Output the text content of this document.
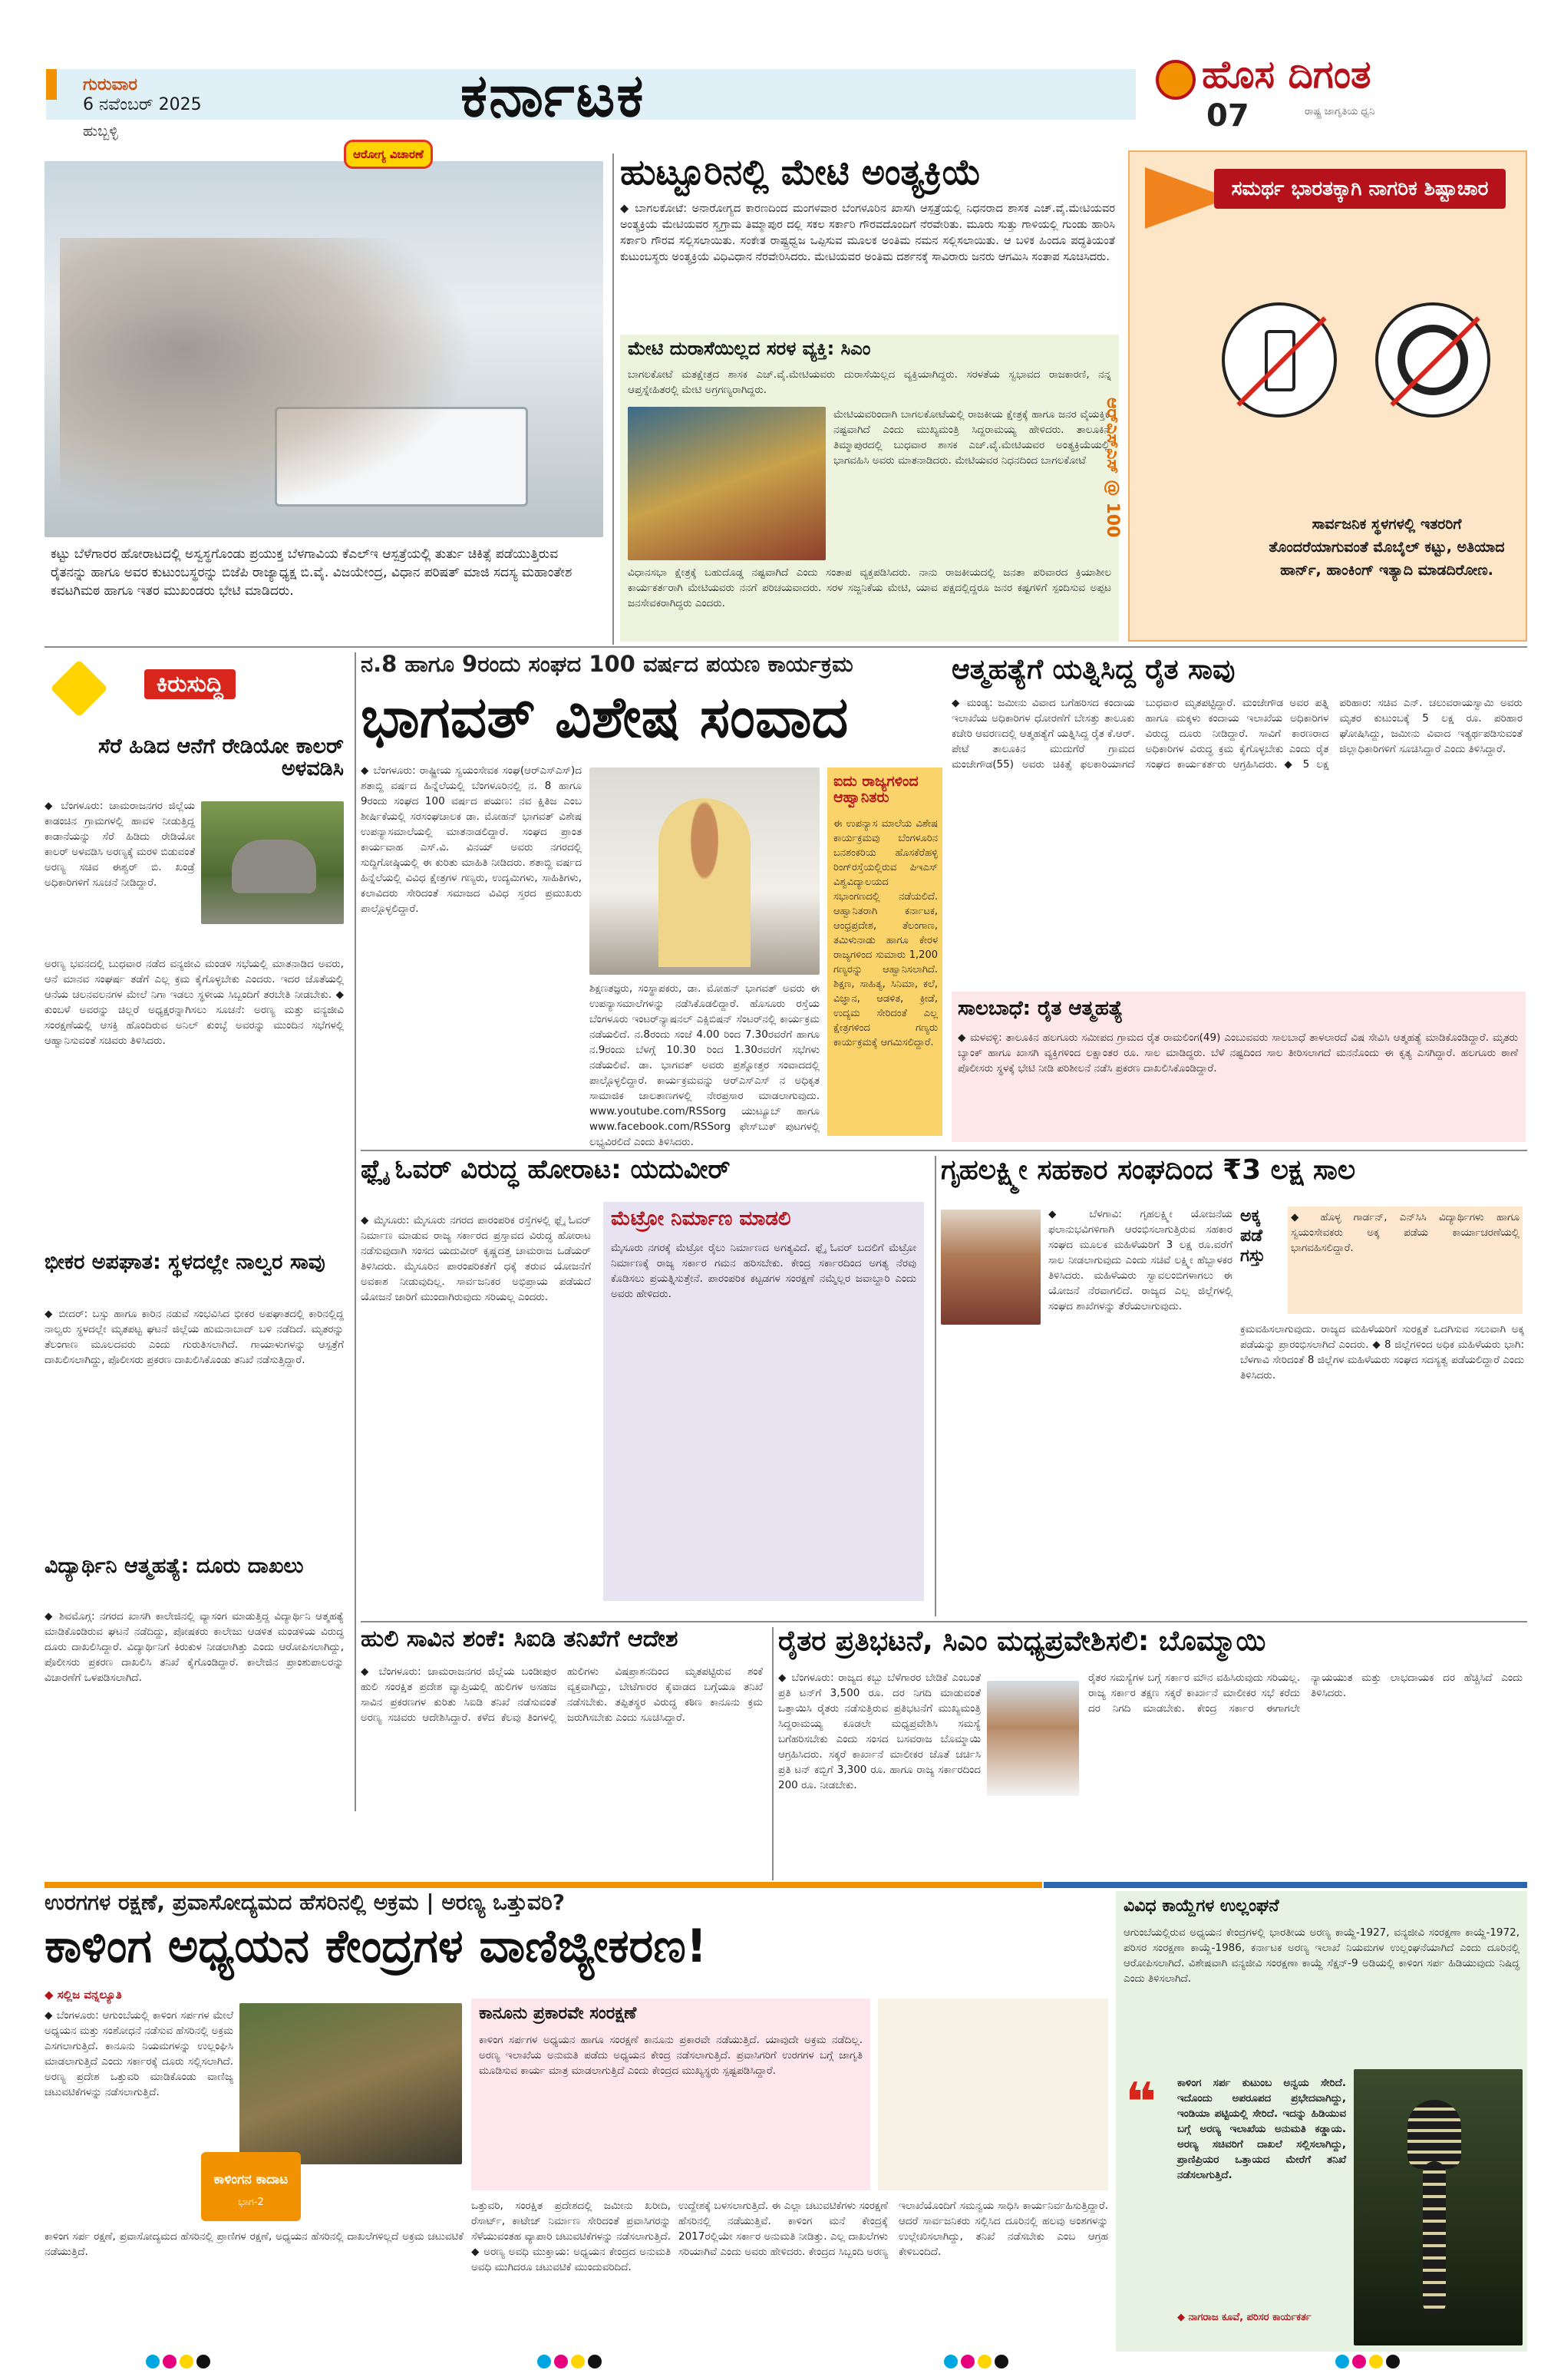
ಗುರುವಾರ
6 ನವೆಂಬರ್ 2025
ಹುಬ್ಬಳ್ಳಿ
ಕರ್ನಾಟಕ	ಹೊಸ ದಿಗಂತ
07	ರಾಷ್ಟ್ರ ಜಾಗೃತಿಯ ಧ್ವನಿ
ಆರೋಗ್ಯ ವಿಚಾರಣೆ
ಕಟ್ಟು ಬೆಳೆಗಾರರ ಹೋರಾಟದಲ್ಲಿ ಅಸ್ವಸ್ಥಗೊಂಡು ಪ್ರಯುಕ್ತ ಬೆಳಗಾವಿಯ ಕೆಎಲ್‌ಇ ಆಸ್ಪತ್ರೆಯಲ್ಲಿ ತುರ್ತು ಚಿಕಿತ್ಸೆ ಪಡೆಯುತ್ತಿರುವ ರೈತನನ್ನು ಹಾಗೂ ಅವರ ಕುಟುಂಬಸ್ಥರನ್ನು ಬಿಜೆಪಿ ರಾಜ್ಯಾಧ್ಯಕ್ಷ ಬಿ.ವೈ. ವಿಜಯೇಂದ್ರ, ವಿಧಾನ ಪರಿಷತ್ ಮಾಜಿ ಸದಸ್ಯ ಮಹಾಂತೇಶ ಕವಟಗಿಮಠ ಹಾಗೂ ಇತರ ಮುಖಂಡರು ಭೇಟಿ ಮಾಡಿದರು.
ಹುಟ್ಟೂರಿನಲ್ಲಿ ಮೇಟಿ ಅಂತ್ಯಕ್ರಿಯೆ
◆ ಬಾಗಲಕೋಟೆ: ಅನಾರೋಗ್ಯದ ಕಾರಣದಿಂದ ಮಂಗಳವಾರ ಬೆಂಗಳೂರಿನ ಖಾಸಗಿ ಆಸ್ಪತ್ರೆಯಲ್ಲಿ ನಿಧನರಾದ ಶಾಸಕ ಎಚ್.ವೈ.ಮೇಟಿಯವರ ಅಂತ್ಯಕ್ರಿಯೆ ಮೇಟಿಯವರ ಸ್ವಗ್ರಾಮ ತಿಮ್ಮಾಪುರ ದಲ್ಲಿ ಸಕಲ ಸರ್ಕಾರಿ ಗೌರವದೊಂದಿಗೆ ನೆರವೇರಿತು. ಮೂರು ಸುತ್ತು ಗಾಳಿಯಲ್ಲಿ ಗುಂಡು ಹಾರಿಸಿ ಸರ್ಕಾರಿ ಗೌರವ ಸಲ್ಲಿಸಲಾಯಿತು. ಸಂಕೇತ ರಾಷ್ಟ್ರಧ್ವಜ ಒಪ್ಪಿಸುವ ಮೂಲಕ ಅಂತಿಮ ನಮನ ಸಲ್ಲಿಸಲಾಯಿತು. ಆ ಬಳಿಕ ಹಿಂದೂ ಪದ್ಧತಿಯಂತೆ ಕುಟುಂಬಸ್ಥರು ಅಂತ್ಯಕ್ರಿಯೆ ವಿಧಿವಿಧಾನ ನೆರವೇರಿಸಿದರು. ಮೇಟಿಯವರ ಅಂತಿಮ ದರ್ಶನಕ್ಕೆ ಸಾವಿರಾರು ಜನರು ಆಗಮಿಸಿ ಸಂತಾಪ ಸೂಚಿಸಿದರು.
ಮೇಟಿ ದುರಾಸೆಯಿಲ್ಲದ ಸರಳ ವ್ಯಕ್ತಿ: ಸಿಎಂ
ಬಾಗಲಕೋಟೆ ಮತಕ್ಷೇತ್ರದ ಶಾಸಕ ಎಚ್.ವೈ.ಮೇಟಿಯವರು ದುರಾಸೆಯಿಲ್ಲದ ವ್ಯಕ್ತಿಯಾಗಿದ್ದರು. ಸರಳತೆಯ ಸ್ವಭಾವದ ರಾಜಕಾರಣಿ, ನನ್ನ ಆಪ್ತಸ್ನೇಹಿತರಲ್ಲಿ ಮೇಟಿ ಅಗ್ರಗಣ್ಯರಾಗಿದ್ದರು.
ಮೇಟಿಯವರಿಂದಾಗಿ ಬಾಗಲಕೋಟೆಯಲ್ಲಿ ರಾಜಕೀಯ ಕ್ಷೇತ್ರಕ್ಕೆ ಹಾಗೂ ಜನರ ವೈಯಕ್ತಿಕ ನಷ್ಟವಾಗಿದೆ ಎಂದು ಮುಖ್ಯಮಂತ್ರಿ ಸಿದ್ದರಾಮಯ್ಯ ಹೇಳಿದರು. ತಾಲೂಕಿನ ತಿಮ್ಮಾಪುರದಲ್ಲಿ ಬುಧವಾರ ಶಾಸಕ ಎಚ್.ವೈ.ಮೇಟಿಯವರ ಅಂತ್ಯಕ್ರಿಯೆಯಲ್ಲಿ ಭಾಗವಹಿಸಿ ಅವರು ಮಾತನಾಡಿದರು. ಮೇಟಿಯವರ ನಿಧನದಿಂದ ಬಾಗಲಕೋಟೆ
ವಿಧಾನಸಭಾ ಕ್ಷೇತ್ರಕ್ಕೆ ಬಹುದೊಡ್ಡ ನಷ್ಟವಾಗಿದೆ ಎಂದು ಸಂತಾಪ ವ್ಯಕ್ತಪಡಿಸಿದರು. ನಾನು ರಾಜಕೀಯದಲ್ಲಿ ಜನತಾ ಪರಿವಾರದ ಕ್ರಿಯಾಶೀಲ ಕಾರ್ಯಕರ್ತರಾಗಿ ಮೇಟಿಯವರು ನನಗೆ ಪರಿಚಯವಾದರು. ಸರಳ ಸಜ್ಜನಿಕೆಯ ಮೇಟಿ, ಯಾವ ಪಕ್ಷದಲ್ಲಿದ್ದರೂ ಜನರ ಕಷ್ಟಗಳಿಗೆ ಸ್ಪಂದಿಸುವ ಅಪ್ಪಟ ಜನಸೇವಕರಾಗಿದ್ದರು ಎಂದರು.
ಆರ್‌ಎಸ್‌ಎಸ್ @ 100
ಸಮರ್ಥ ಭಾರತಕ್ಕಾಗಿ ನಾಗರಿಕ ಶಿಷ್ಟಾಚಾರ
ಸಾರ್ವಜನಿಕ ಸ್ಥಳಗಳಲ್ಲಿ ಇತರರಿಗೆ ತೊಂದರೆಯಾಗುವಂತೆ ಮೊಬೈಲ್ ಕಟ್ಟು, ಅತಿಯಾದ ಹಾರ್ನ್, ಹಾಂಕಿಂಗ್ ಇತ್ಯಾದಿ ಮಾಡದಿರೋಣ.
ಕಿರುಸುದ್ದಿ
ಸೆರೆ ಹಿಡಿದ ಆನೆಗೆ ರೇಡಿಯೋ ಕಾಲರ್ ಅಳವಡಿಸಿ
◆ ಬೆಂಗಳೂರು: ಚಾಮರಾಜನಗರ ಜಿಲ್ಲೆಯ ಕಾಡಂಚಿನ ಗ್ರಾಮಗಳಲ್ಲಿ ಹಾವಳಿ ನೀಡುತ್ತಿದ್ದ ಕಾಡಾನೆಯನ್ನು ಸೆರೆ ಹಿಡಿದು ರೇಡಿಯೋ ಕಾಲರ್ ಅಳವಡಿಸಿ ಅರಣ್ಯಕ್ಕೆ ಮರಳಿ ಬಿಡುವಂತೆ ಅರಣ್ಯ ಸಚಿವ ಈಶ್ವರ್ ಬಿ. ಖಂಡ್ರೆ ಅಧಿಕಾರಿಗಳಿಗೆ ಸೂಚನೆ ನೀಡಿದ್ದಾರೆ.
ಅರಣ್ಯ ಭವನದಲ್ಲಿ ಬುಧವಾರ ನಡೆದ ವನ್ಯಜೀವಿ ಮಂಡಳಿ ಸಭೆಯಲ್ಲಿ ಮಾತನಾಡಿದ ಅವರು, ಆನೆ ಮಾನವ ಸಂಘರ್ಷ ತಡೆಗೆ ಎಲ್ಲ ಕ್ರಮ ಕೈಗೊಳ್ಳಬೇಕು ಎಂದರು. ಇದರ ಜೊತೆಯಲ್ಲಿ ಆನೆಯ ಚಲನವಲನಗಳ ಮೇಲೆ ನಿಗಾ ಇಡಲು ಸ್ಥಳೀಯ ಸಿಬ್ಬಂದಿಗೆ ತರಬೇತಿ ನೀಡಬೇಕು. ◆ ಕುಂಬಳೆ ಅವರನ್ನು ಚಿಲ್ಲರೆ ಅಧ್ಯಕ್ಷರನ್ನಾಗಿಸಲು ಸೂಚನೆ: ಅರಣ್ಯ ಮತ್ತು ವನ್ಯಜೀವಿ ಸಂರಕ್ಷಣೆಯಲ್ಲಿ ಆಸಕ್ತಿ ಹೊಂದಿರುವ ಅನಿಲ್ ಕುಂಬ್ಳೆ ಅವರನ್ನು ಮುಂದಿನ ಸಭೆಗಳಲ್ಲಿ ಆಹ್ವಾನಿಸುವಂತೆ ಸಚಿವರು ತಿಳಿಸಿದರು.
ಭೀಕರ ಅಪಘಾತ: ಸ್ಥಳದಲ್ಲೇ ನಾಲ್ವರ ಸಾವು
◆ ಬೀದರ್: ಬಸ್ಸು ಹಾಗೂ ಕಾರಿನ ನಡುವೆ ಸಂಭವಿಸಿದ ಭೀಕರ ಅಪಘಾತದಲ್ಲಿ ಕಾರಿನಲ್ಲಿದ್ದ ನಾಲ್ವರು ಸ್ಥಳದಲ್ಲೇ ಮೃತಪಟ್ಟ ಘಟನೆ ಜಿಲ್ಲೆಯ ಹುಮನಾಬಾದ್ ಬಳಿ ನಡೆದಿದೆ. ಮೃತರನ್ನು ತೆಲಂಗಾಣ ಮೂಲದವರು ಎಂದು ಗುರುತಿಸಲಾಗಿದೆ. ಗಾಯಾಳುಗಳನ್ನು ಆಸ್ಪತ್ರೆಗೆ ದಾಖಲಿಸಲಾಗಿದ್ದು, ಪೊಲೀಸರು ಪ್ರಕರಣ ದಾಖಲಿಸಿಕೊಂಡು ತನಿಖೆ ನಡೆಸುತ್ತಿದ್ದಾರೆ.
ವಿದ್ಯಾರ್ಥಿನಿ ಆತ್ಮಹತ್ಯೆ: ದೂರು ದಾಖಲು
◆ ಶಿವಮೊಗ್ಗ: ನಗರದ ಖಾಸಗಿ ಕಾಲೇಜಿನಲ್ಲಿ ವ್ಯಾಸಂಗ ಮಾಡುತ್ತಿದ್ದ ವಿದ್ಯಾರ್ಥಿನಿ ಆತ್ಮಹತ್ಯೆ ಮಾಡಿಕೊಂಡಿರುವ ಘಟನೆ ನಡೆದಿದ್ದು, ಪೋಷಕರು ಕಾಲೇಜು ಆಡಳಿತ ಮಂಡಳಿಯ ವಿರುದ್ಧ ದೂರು ದಾಖಲಿಸಿದ್ದಾರೆ. ವಿದ್ಯಾರ್ಥಿನಿಗೆ ಕಿರುಕುಳ ನೀಡಲಾಗಿತ್ತು ಎಂದು ಆರೋಪಿಸಲಾಗಿದ್ದು, ಪೊಲೀಸರು ಪ್ರಕರಣ ದಾಖಲಿಸಿ ತನಿಖೆ ಕೈಗೊಂಡಿದ್ದಾರೆ. ಕಾಲೇಜಿನ ಪ್ರಾಂಶುಪಾಲರನ್ನು ವಿಚಾರಣೆಗೆ ಒಳಪಡಿಸಲಾಗಿದೆ.
ನ.8 ಹಾಗೂ 9ರಂದು ಸಂಘದ 100 ವರ್ಷದ ಪಯಣ ಕಾರ್ಯಕ್ರಮ
ಭಾಗವತ್ ವಿಶೇಷ ಸಂವಾದ
◆ ಬೆಂಗಳೂರು: ರಾಷ್ಟ್ರೀಯ ಸ್ವಯಂಸೇವಕ ಸಂಘ(ಆರ್‌ಎಸ್‌ಎಸ್)ದ ಶತಾಬ್ದಿ ವರ್ಷದ ಹಿನ್ನೆಲೆಯಲ್ಲಿ ಬೆಂಗಳೂರಿನಲ್ಲಿ ನ. 8 ಹಾಗೂ 9ರಂದು ಸಂಘದ 100 ವರ್ಷದ ಪಯಣ: ನವ ಕ್ಷಿತಿಜ ಎಂಬ ಶೀರ್ಷಿಕೆಯಲ್ಲಿ ಸರಸಂಘಚಾಲಕ ಡಾ. ಮೋಹನ್ ಭಾಗವತ್ ವಿಶೇಷ ಉಪನ್ಯಾಸಮಾಲೆಯಲ್ಲಿ ಮಾತನಾಡಲಿದ್ದಾರೆ. ಸಂಘದ ಪ್ರಾಂತ ಕಾರ್ಯವಾಹ ಎಸ್.ವಿ. ವಿನಯ್ ಅವರು ನಗರದಲ್ಲಿ ಸುದ್ದಿಗೋಷ್ಠಿಯಲ್ಲಿ ಈ ಕುರಿತು ಮಾಹಿತಿ ನೀಡಿದರು. ಶತಾಬ್ದಿ ವರ್ಷದ ಹಿನ್ನೆಲೆಯಲ್ಲಿ ವಿವಿಧ ಕ್ಷೇತ್ರಗಳ ಗಣ್ಯರು, ಉದ್ಯಮಿಗಳು, ಸಾಹಿತಿಗಳು, ಕಲಾವಿದರು ಸೇರಿದಂತೆ ಸಮಾಜದ ವಿವಿಧ ಸ್ತರದ ಪ್ರಮುಖರು ಪಾಲ್ಗೊಳ್ಳಲಿದ್ದಾರೆ.
ಶಿಕ್ಷಣತಜ್ಞರು, ಸಂಸ್ಥಾಪಕರು, ಡಾ. ಮೋಹನ್ ಭಾಗವತ್ ಅವರು ಈ ಉಪನ್ಯಾಸಮಾಲೆಗಳನ್ನು ನಡೆಸಿಕೊಡಲಿದ್ದಾರೆ. ಹೊಸೂರು ರಸ್ತೆಯ ಬೆಂಗಳೂರು ಇಂಟರ್‌ನ್ಯಾಷನಲ್ ಎಕ್ಸಿಬಿಷನ್ ಸೆಂಟರ್‌ನಲ್ಲಿ ಕಾರ್ಯಕ್ರಮ ನಡೆಯಲಿದೆ. ನ.8ರಂದು ಸಂಜೆ 4.00 ರಿಂದ 7.30ರವರೆಗೆ ಹಾಗೂ ನ.9ರಂದು ಬೆಳಗ್ಗೆ 10.30 ರಿಂದ 1.30ರವರೆಗೆ ಸಭೆಗಳು ನಡೆಯಲಿವೆ. ಡಾ. ಭಾಗವತ್ ಅವರು ಪ್ರಶ್ನೋತ್ತರ ಸಂವಾದದಲ್ಲಿ ಪಾಲ್ಗೊಳ್ಳಲಿದ್ದಾರೆ. ಕಾರ್ಯಕ್ರಮವನ್ನು ಆರ್‌ಎಸ್‌ಎಸ್ ನ ಅಧಿಕೃತ ಸಾಮಾಜಿಕ ಜಾಲತಾಣಗಳಲ್ಲಿ ನೇರಪ್ರಸಾರ ಮಾಡಲಾಗುವುದು. www.youtube.com/RSSorg ಯುಟ್ಯೂಬ್ ಹಾಗೂ www.facebook.com/RSSorg ಫೇಸ್‌ಬುಕ್ ಪುಟಗಳಲ್ಲಿ ಲಭ್ಯವಿರಲಿದೆ ಎಂದು ತಿಳಿಸಿದರು.
ಐದು ರಾಜ್ಯಗಳಿಂದ ಆಹ್ವಾನಿತರು
ಈ ಉಪನ್ಯಾಸ ಮಾಲೆಯ ವಿಶೇಷ ಕಾರ್ಯಕ್ರಮವು ಬೆಂಗಳೂರಿನ ಬನಶಂಕರಿಯ ಹೊಸಕೆರೆಹಳ್ಳಿ ರಿಂಗ್‌ರಸ್ತೆಯಲ್ಲಿರುವ ಪಿಇಎಸ್ ವಿಶ್ವವಿದ್ಯಾಲಯದ ಸಭಾಂಗಣದಲ್ಲಿ ನಡೆಯಲಿದೆ. ಆಹ್ವಾನಿತರಾಗಿ ಕರ್ನಾಟಕ, ಆಂಧ್ರಪ್ರದೇಶ, ತೆಲಂಗಾಣ, ತಮಿಳುನಾಡು ಹಾಗೂ ಕೇರಳ ರಾಜ್ಯಗಳಿಂದ ಸುಮಾರು 1,200 ಗಣ್ಯರನ್ನು ಆಹ್ವಾನಿಸಲಾಗಿದೆ. ಶಿಕ್ಷಣ, ಸಾಹಿತ್ಯ, ಸಿನಿಮಾ, ಕಲೆ, ವಿಜ್ಞಾನ, ಆಡಳಿತ, ಕ್ರೀಡೆ, ಉದ್ಯಮ ಸೇರಿದಂತೆ ಎಲ್ಲ ಕ್ಷೇತ್ರಗಳಿಂದ ಗಣ್ಯರು ಕಾರ್ಯಕ್ರಮಕ್ಕೆ ಆಗಮಿಸಲಿದ್ದಾರೆ.
ಆತ್ಮಹತ್ಯೆಗೆ ಯತ್ನಿಸಿದ್ದ ರೈತ ಸಾವು
◆ ಮಂಡ್ಯ: ಜಮೀನು ವಿವಾದ ಬಗೆಹರಿಸದ ಕಂದಾಯ ಇಲಾಖೆಯ ಅಧಿಕಾರಿಗಳ ಧೋರಣೆಗೆ ಬೇಸತ್ತು ತಾಲೂಕು ಕಚೇರಿ ಆವರಣದಲ್ಲಿ ಆತ್ಮಹತ್ಯೆಗೆ ಯತ್ನಿಸಿದ್ದ ರೈತ ಕೆ.ಆರ್. ಪೇಟೆ ತಾಲೂಕಿನ ಮುದುಗೆರೆ ಗ್ರಾಮದ ಮಂಜೇಗೌಡ(55) ಅವರು ಚಿಕಿತ್ಸೆ ಫಲಕಾರಿಯಾಗದೆ ಬುಧವಾರ ಮೃತಪಟ್ಟಿದ್ದಾರೆ. ಮಂಜೇಗೌಡ ಅವರ ಪತ್ನಿ ಹಾಗೂ ಮಕ್ಕಳು ಕಂದಾಯ ಇಲಾಖೆಯ ಅಧಿಕಾರಿಗಳ ವಿರುದ್ಧ ದೂರು ನೀಡಿದ್ದಾರೆ. ಸಾವಿಗೆ ಕಾರಣರಾದ ಅಧಿಕಾರಿಗಳ ವಿರುದ್ಧ ಕ್ರಮ ಕೈಗೊಳ್ಳಬೇಕು ಎಂದು ರೈತ ಸಂಘದ ಕಾರ್ಯಕರ್ತರು ಆಗ್ರಹಿಸಿದರು. ◆ 5 ಲಕ್ಷ ಪರಿಹಾರ: ಸಚಿವ ಎನ್. ಚಲುವರಾಯಸ್ವಾಮಿ ಅವರು ಮೃತರ ಕುಟುಂಬಕ್ಕೆ 5 ಲಕ್ಷ ರೂ. ಪರಿಹಾರ ಘೋಷಿಸಿದ್ದು, ಜಮೀನು ವಿವಾದ ಇತ್ಯರ್ಥಪಡಿಸುವಂತೆ ಜಿಲ್ಲಾಧಿಕಾರಿಗಳಿಗೆ ಸೂಚಿಸಿದ್ದಾರೆ ಎಂದು ತಿಳಿಸಿದ್ದಾರೆ.
ಸಾಲಬಾಧೆ: ರೈತ ಆತ್ಮಹತ್ಯೆ
◆ ಮಳವಳ್ಳಿ: ತಾಲೂಕಿನ ಹಲಗೂರು ಸಮೀಪದ ಗ್ರಾಮದ ರೈತ ರಾಮಲಿಂಗ(49) ಎಂಬುವವರು ಸಾಲಬಾಧೆ ತಾಳಲಾರದೆ ವಿಷ ಸೇವಿಸಿ ಆತ್ಮಹತ್ಯೆ ಮಾಡಿಕೊಂಡಿದ್ದಾರೆ. ಮೃತರು ಬ್ಯಾಂಕ್ ಹಾಗೂ ಖಾಸಗಿ ವ್ಯಕ್ತಿಗಳಿಂದ ಲಕ್ಷಾಂತರ ರೂ. ಸಾಲ ಮಾಡಿದ್ದರು. ಬೆಳೆ ನಷ್ಟದಿಂದ ಸಾಲ ತೀರಿಸಲಾಗದೆ ಮನನೊಂದು ಈ ಕೃತ್ಯ ಎಸಗಿದ್ದಾರೆ. ಹಲಗೂರು ಠಾಣೆ ಪೊಲೀಸರು ಸ್ಥಳಕ್ಕೆ ಭೇಟಿ ನೀಡಿ ಪರಿಶೀಲನೆ ನಡೆಸಿ ಪ್ರಕರಣ ದಾಖಲಿಸಿಕೊಂಡಿದ್ದಾರೆ.
ಫ್ಲೈ ಓವರ್ ವಿರುದ್ಧ ಹೋರಾಟ: ಯದುವೀರ್
◆ ಮೈಸೂರು: ಮೈಸೂರು ನಗರದ ಪಾರಂಪರಿಕ ರಸ್ತೆಗಳಲ್ಲಿ ಫ್ಲೈ ಓವರ್ ನಿರ್ಮಾಣ ಮಾಡುವ ರಾಜ್ಯ ಸರ್ಕಾರದ ಪ್ರಸ್ತಾವದ ವಿರುದ್ಧ ಹೋರಾಟ ನಡೆಸುವುದಾಗಿ ಸಂಸದ ಯದುವೀರ್ ಕೃಷ್ಣದತ್ತ ಚಾಮರಾಜ ಒಡೆಯರ್ ತಿಳಿಸಿದರು. ಮೈಸೂರಿನ ಪಾರಂಪರಿಕತೆಗೆ ಧಕ್ಕೆ ತರುವ ಯೋಜನೆಗೆ ಅವಕಾಶ ನೀಡುವುದಿಲ್ಲ. ಸಾರ್ವಜನಿಕರ ಅಭಿಪ್ರಾಯ ಪಡೆಯದೆ ಯೋಜನೆ ಜಾರಿಗೆ ಮುಂದಾಗಿರುವುದು ಸರಿಯಲ್ಲ ಎಂದರು.
ಮೆಟ್ರೋ ನಿರ್ಮಾಣ ಮಾಡಲಿ
ಮೈಸೂರು ನಗರಕ್ಕೆ ಮೆಟ್ರೋ ರೈಲು ನಿರ್ಮಾಣದ ಅಗತ್ಯವಿದೆ. ಫ್ಲೈ ಓವರ್ ಬದಲಿಗೆ ಮೆಟ್ರೋ ನಿರ್ಮಾಣಕ್ಕೆ ರಾಜ್ಯ ಸರ್ಕಾರ ಗಮನ ಹರಿಸಬೇಕು. ಕೇಂದ್ರ ಸರ್ಕಾರದಿಂದ ಅಗತ್ಯ ನೆರವು ಕೊಡಿಸಲು ಪ್ರಯತ್ನಿಸುತ್ತೇನೆ. ಪಾರಂಪರಿಕ ಕಟ್ಟಡಗಳ ಸಂರಕ್ಷಣೆ ನಮ್ಮೆಲ್ಲರ ಜವಾಬ್ದಾರಿ ಎಂದು ಅವರು ಹೇಳಿದರು.
ಗೃಹಲಕ್ಷ್ಮೀ ಸಹಕಾರ ಸಂಘದಿಂದ ₹3 ಲಕ್ಷ ಸಾಲ
◆ ಬೆಳಗಾವಿ: ಗೃಹಲಕ್ಷ್ಮೀ ಯೋಜನೆಯ ಫಲಾನುಭವಿಗಳಿಗಾಗಿ ಆರಂಭಿಸಲಾಗುತ್ತಿರುವ ಸಹಕಾರ ಸಂಘದ ಮೂಲಕ ಮಹಿಳೆಯರಿಗೆ 3 ಲಕ್ಷ ರೂ.ವರೆಗೆ ಸಾಲ ನೀಡಲಾಗುವುದು ಎಂದು ಸಚಿವೆ ಲಕ್ಷ್ಮೀ ಹೆಬ್ಬಾಳಕರ ತಿಳಿಸಿದರು. ಮಹಿಳೆಯರು ಸ್ವಾವಲಂಬಿಗಳಾಗಲು ಈ ಯೋಜನೆ ನೆರವಾಗಲಿದೆ. ರಾಜ್ಯದ ಎಲ್ಲ ಜಿಲ್ಲೆಗಳಲ್ಲಿ ಸಂಘದ ಶಾಖೆಗಳನ್ನು ತೆರೆಯಲಾಗುವುದು.
ಅಕ್ಕ ಪಡೆ ಗಸ್ತು
◆ ಹೊಳ್ಳ ಗಾರ್ಡನ್, ಎನ್‌ಸಿಸಿ ವಿದ್ಯಾರ್ಥಿಗಳು ಹಾಗೂ ಸ್ವಯಂಸೇವಕರು ಅಕ್ಕ ಪಡೆಯ ಕಾರ್ಯಾಚರಣೆಯಲ್ಲಿ ಭಾಗವಹಿಸಲಿದ್ದಾರೆ.
ಕ್ರಮವಹಿಸಲಾಗುವುದು. ರಾಜ್ಯದ ಮಹಿಳೆಯರಿಗೆ ಸುರಕ್ಷತೆ ಒದಗಿಸುವ ಸಲುವಾಗಿ ಅಕ್ಕ ಪಡೆಯನ್ನು ಪ್ರಾರಂಭಿಸಲಾಗಿದೆ ಎಂದರು. ◆ 8 ಜಿಲ್ಲೆಗಳಿಂದ ಅಧಿಕ ಮಹಿಳೆಯರು ಭಾಗಿ: ಬೆಳಗಾವಿ ಸೇರಿದಂತೆ 8 ಜಿಲ್ಲೆಗಳ ಮಹಿಳೆಯರು ಸಂಘದ ಸದಸ್ಯತ್ವ ಪಡೆಯಲಿದ್ದಾರೆ ಎಂದು ತಿಳಿಸಿದರು.
ಹುಲಿ ಸಾವಿನ ಶಂಕೆ: ಸಿಐಡಿ ತನಿಖೆಗೆ ಆದೇಶ
◆ ಬೆಂಗಳೂರು: ಚಾಮರಾಜನಗರ ಜಿಲ್ಲೆಯ ಬಂಡೀಪುರ ಹುಲಿ ಸಂರಕ್ಷಿತ ಪ್ರದೇಶ ವ್ಯಾಪ್ತಿಯಲ್ಲಿ ಹುಲಿಗಳ ಅಸಹಜ ಸಾವಿನ ಪ್ರಕರಣಗಳ ಕುರಿತು ಸಿಐಡಿ ತನಿಖೆ ನಡೆಸುವಂತೆ ಅರಣ್ಯ ಸಚಿವರು ಆದೇಶಿಸಿದ್ದಾರೆ. ಕಳೆದ ಕೆಲವು ತಿಂಗಳಲ್ಲಿ ಹುಲಿಗಳು ವಿಷಪ್ರಾಶನದಿಂದ ಮೃತಪಟ್ಟಿರುವ ಶಂಕೆ ವ್ಯಕ್ತವಾಗಿದ್ದು, ಬೇಟೆಗಾರರ ಕೈವಾಡದ ಬಗ್ಗೆಯೂ ತನಿಖೆ ನಡೆಸಬೇಕು. ತಪ್ಪಿತಸ್ಥರ ವಿರುದ್ಧ ಕಠಿಣ ಕಾನೂನು ಕ್ರಮ ಜರುಗಿಸಬೇಕು ಎಂದು ಸೂಚಿಸಿದ್ದಾರೆ.
ರೈತರ ಪ್ರತಿಭಟನೆ, ಸಿಎಂ ಮಧ್ಯಪ್ರವೇಶಿಸಲಿ: ಬೊಮ್ಮಾಯಿ
◆ ಬೆಂಗಳೂರು: ರಾಜ್ಯದ ಕಬ್ಬು ಬೆಳೆಗಾರರ ಬೇಡಿಕೆ ಎಂಬಂತೆ ಪ್ರತಿ ಟನ್‌ಗೆ 3,500 ರೂ. ದರ ನಿಗದಿ ಮಾಡುವಂತೆ ಒತ್ತಾಯಿಸಿ ರೈತರು ನಡೆಸುತ್ತಿರುವ ಪ್ರತಿಭಟನೆಗೆ ಮುಖ್ಯಮಂತ್ರಿ ಸಿದ್ದರಾಮಯ್ಯ ಕೂಡಲೇ ಮಧ್ಯಪ್ರವೇಶಿಸಿ ಸಮಸ್ಯೆ ಬಗೆಹರಿಸಬೇಕು ಎಂದು ಸಂಸದ ಬಸವರಾಜ ಬೊಮ್ಮಾಯಿ ಆಗ್ರಹಿಸಿದರು. ಸಕ್ಕರೆ ಕಾರ್ಖಾನೆ ಮಾಲೀಕರ ಜೊತೆ ಚರ್ಚಿಸಿ ಪ್ರತಿ ಟನ್ ಕಬ್ಬಿಗೆ 3,300 ರೂ. ಹಾಗೂ ರಾಜ್ಯ ಸರ್ಕಾರದಿಂದ 200 ರೂ. ನೀಡಬೇಕು.
ರೈತರ ಸಮಸ್ಯೆಗಳ ಬಗ್ಗೆ ಸರ್ಕಾರ ಮೌನ ವಹಿಸಿರುವುದು ಸರಿಯಲ್ಲ. ರಾಜ್ಯ ಸರ್ಕಾರ ತಕ್ಷಣ ಸಕ್ಕರೆ ಕಾರ್ಖಾನೆ ಮಾಲೀಕರ ಸಭೆ ಕರೆದು ದರ ನಿಗದಿ ಮಾಡಬೇಕು. ಕೇಂದ್ರ ಸರ್ಕಾರ ಈಗಾಗಲೇ ನ್ಯಾಯಯುತ ಮತ್ತು ಲಾಭದಾಯಕ ದರ ಹೆಚ್ಚಿಸಿದೆ ಎಂದು ತಿಳಿಸಿದರು.
ಉರಗಗಳ ರಕ್ಷಣೆ, ಪ್ರವಾಸೋದ್ಯಮದ ಹೆಸರಿನಲ್ಲಿ ಅಕ್ರಮ | ಅರಣ್ಯ ಒತ್ತುವರಿ?
ಕಾಳಿಂಗ ಅಧ್ಯಯನ ಕೇಂದ್ರಗಳ ವಾಣಿಜ್ಯೀಕರಣ!
◆ ಸಲ್ಲಿಜ ವನ್ನಲ್ಯೂತಿ
◆ ಬೆಂಗಳೂರು: ಆಗುಂಬೆಯಲ್ಲಿ ಕಾಳಿಂಗ ಸರ್ಪಗಳ ಮೇಲೆ ಅಧ್ಯಯನ ಮತ್ತು ಸಂಶೋಧನೆ ನಡೆಸುವ ಹೆಸರಿನಲ್ಲಿ ಅಕ್ರಮ ಎಸಗಲಾಗುತ್ತಿದೆ. ಕಾನೂನು ನಿಯಮಗಳನ್ನು ಉಲ್ಲಂಘಿಸಿ ಮಾಡಲಾಗುತ್ತಿದೆ ಎಂದು ಸರ್ಕಾರಕ್ಕೆ ದೂರು ಸಲ್ಲಿಸಲಾಗಿದೆ. ಅರಣ್ಯ ಪ್ರದೇಶ ಒತ್ತುವರಿ ಮಾಡಿಕೊಂಡು ವಾಣಿಜ್ಯ ಚಟುವಟಿಕೆಗಳನ್ನು ನಡೆಸಲಾಗುತ್ತಿದೆ.
ಕಾಳಿಂಗನ ಕಾದಾಟ
ಭಾಗ-2
ಕಾಳಿಂಗ ಸರ್ಪ ರಕ್ಷಣೆ, ಪ್ರವಾಸೋದ್ಯಮದ ಹೆಸರಿನಲ್ಲಿ ಪ್ರಾಣಿಗಳ ರಕ್ಷಣೆ, ಅಧ್ಯಯನ ಹೆಸರಿನಲ್ಲಿ ದಾಖಲೆಗಳಿಲ್ಲದೆ ಅಕ್ರಮ ಚಟುವಟಿಕೆ ನಡೆಯುತ್ತಿದೆ.
ಒತ್ತುವರಿ, ಸಂರಕ್ಷಿತ ಪ್ರದೇಶದಲ್ಲಿ ಜಮೀನು ಖರೀದಿ, ರೆಸಾರ್ಟ್, ಕಾಟೇಜ್ ನಿರ್ಮಾಣ ಸೇರಿದಂತೆ ಪ್ರವಾಸಿಗರನ್ನು ಸೆಳೆಯುವಂತಹ ವ್ಯಾಪಾರಿ ಚಟುವಟಿಕೆಗಳನ್ನು ನಡೆಸಲಾಗುತ್ತಿದೆ. ◆ ಅರಣ್ಯ ಅವಧಿ ಮುಕ್ತಾಯ: ಅಧ್ಯಯನ ಕೇಂದ್ರದ ಅನುಮತಿ ಅವಧಿ ಮುಗಿದರೂ ಚಟುವಟಿಕೆ ಮುಂದುವರಿದಿದೆ.
ಕಾನೂನು ಪ್ರಕಾರವೇ ಸಂರಕ್ಷಣೆ
ಕಾಳಿಂಗ ಸರ್ಪಗಳ ಅಧ್ಯಯನ ಹಾಗೂ ಸಂರಕ್ಷಣೆ ಕಾನೂನು ಪ್ರಕಾರವೇ ನಡೆಯುತ್ತಿದೆ. ಯಾವುದೇ ಅಕ್ರಮ ನಡೆದಿಲ್ಲ. ಅರಣ್ಯ ಇಲಾಖೆಯ ಅನುಮತಿ ಪಡೆದು ಅಧ್ಯಯನ ಕೇಂದ್ರ ನಡೆಸಲಾಗುತ್ತಿದೆ. ಪ್ರವಾಸಿಗರಿಗೆ ಉರಗಗಳ ಬಗ್ಗೆ ಜಾಗೃತಿ ಮೂಡಿಸುವ ಕಾರ್ಯ ಮಾತ್ರ ಮಾಡಲಾಗುತ್ತಿದೆ ಎಂದು ಕೇಂದ್ರದ ಮುಖ್ಯಸ್ಥರು ಸ್ಪಷ್ಟಪಡಿಸಿದ್ದಾರೆ.
ಉದ್ದೇಶಕ್ಕೆ ಬಳಸಲಾಗುತ್ತಿದೆ. ಈ ಎಲ್ಲಾ ಚಟುವಟಿಕೆಗಳು ಸಂರಕ್ಷಣೆ ಹೆಸರಿನಲ್ಲಿ ನಡೆಯುತ್ತಿವೆ. ಕಾಳಿಂಗ ಮನೆ ಕೇಂದ್ರಕ್ಕೆ 2017ರಲ್ಲಿಯೇ ಸರ್ಕಾರ ಅನುಮತಿ ನೀಡಿತ್ತು. ಎಲ್ಲ ದಾಖಲೆಗಳು ಸರಿಯಾಗಿವೆ ಎಂದು ಅವರು ಹೇಳಿದರು. ಕೇಂದ್ರದ ಸಿಬ್ಬಂದಿ ಅರಣ್ಯ ಇಲಾಖೆಯೊಂದಿಗೆ ಸಮನ್ವಯ ಸಾಧಿಸಿ ಕಾರ್ಯನಿರ್ವಹಿಸುತ್ತಿದ್ದಾರೆ. ಆದರೆ ಸಾರ್ವಜನಿಕರು ಸಲ್ಲಿಸಿದ ದೂರಿನಲ್ಲಿ ಹಲವು ಅಂಶಗಳನ್ನು ಉಲ್ಲೇಖಿಸಲಾಗಿದ್ದು, ತನಿಖೆ ನಡೆಸಬೇಕು ಎಂಬ ಆಗ್ರಹ ಕೇಳಿಬಂದಿದೆ.
ವಿವಿಧ ಕಾಯ್ದೆಗಳ ಉಲ್ಲಂಘನೆ
ಆಗುಂಬೆಯಲ್ಲಿರುವ ಅಧ್ಯಯನ ಕೇಂದ್ರಗಳಲ್ಲಿ ಭಾರತೀಯ ಅರಣ್ಯ ಕಾಯ್ದೆ-1927, ವನ್ಯಜೀವಿ ಸಂರಕ್ಷಣಾ ಕಾಯ್ದೆ-1972, ಪರಿಸರ ಸಂರಕ್ಷಣಾ ಕಾಯ್ದೆ-1986, ಕರ್ನಾಟಕ ಅರಣ್ಯ ಇಲಾಖೆ ನಿಯಮಗಳ ಉಲ್ಲಂಘನೆಯಾಗಿದೆ ಎಂದು ದೂರಿನಲ್ಲಿ ಆರೋಪಿಸಲಾಗಿದೆ. ವಿಶೇಷವಾಗಿ ವನ್ಯಜೀವಿ ಸಂರಕ್ಷಣಾ ಕಾಯ್ದೆ ಸೆಕ್ಷನ್-9 ಅಡಿಯಲ್ಲಿ ಕಾಳಿಂಗ ಸರ್ಪ ಹಿಡಿಯುವುದು ನಿಷಿದ್ಧ ಎಂದು ತಿಳಿಸಲಾಗಿದೆ.
❝ ಕಾಳಿಂಗ ಸರ್ಪ ಕುಟುಂಬ ಅನ್ವಯ ಸೇರಿದೆ. ಇದೊಂದು ಅಪರೂಪದ ಪ್ರಭೇದವಾಗಿದ್ದು, ಇಂಡಿಯಾ ಪಟ್ಟಿಯಲ್ಲಿ ಸೇರಿದೆ. ಇದನ್ನು ಹಿಡಿಯುವ ಬಗ್ಗೆ ಅರಣ್ಯ ಇಲಾಖೆಯ ಅನುಮತಿ ಕಡ್ಡಾಯ. ಅರಣ್ಯ ಸಚಿವರಿಗೆ ದಾಖಲೆ ಸಲ್ಲಿಸಲಾಗಿದ್ದು, ಪ್ರಾಣಿಪ್ರಿಯರ ಒತ್ತಾಯದ ಮೇರೆಗೆ ತನಿಖೆ ನಡೆಸಲಾಗುತ್ತಿದೆ.
◆ ನಾಗರಾಜ ಕೂವೆ, ಪರಿಸರ ಕಾರ್ಯಕರ್ತ
